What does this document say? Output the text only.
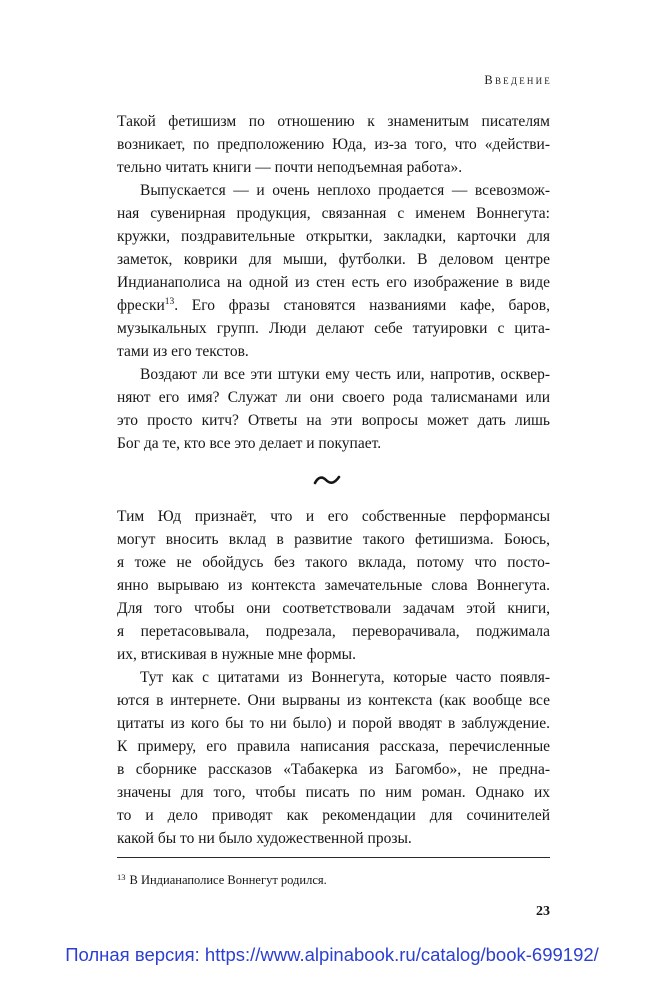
Введение
Такой фетишизм по отношению к знаменитым писателям
возникает, по предположению Юда, из-за того, что «действи-
тельно читать книги — почти неподъемная работа».
Выпускается — и очень неплохо продается — всевозмож-
ная сувенирная продукция, связанная с именем Воннегута:
кружки, поздравительные открытки, закладки, карточки для
заметок, коврики для мыши, футболки. В деловом центре
Индианаполиса на одной из стен есть его изображение в виде
фрески$^{13}$. Его фразы становятся названиями кафе, баров,
музыкальных групп. Люди делают себе татуировки с цита-
тами из его текстов.
Воздают ли все эти штуки ему честь или, напротив, осквер-
няют его имя? Служат ли они своего рода талисманами или
это просто китч? Ответы на эти вопросы может дать лишь
Бог да те, кто все это делает и покупает.
Тим Юд признаёт, что и его собственные перформансы
могут вносить вклад в развитие такого фетишизма. Боюсь,
я тоже не обойдусь без такого вклада, потому что посто-
янно вырываю из контекста замечательные слова Воннегута.
Для того чтобы они соответствовали задачам этой книги,
я перетасовывала, подрезала, переворачивала, поджимала
их, втискивая в нужные мне формы.
Тут как с цитатами из Воннегута, которые часто появля-
ются в интернете. Они вырваны из контекста (как вообще все
цитаты из кого бы то ни было) и порой вводят в заблуждение.
К примеру, его правила написания рассказа, перечисленные
в сборнике рассказов «Табакерка из Багомбо», не предна-
значены для того, чтобы писать по ним роман. Однако их
то и дело приводят как рекомендации для сочинителей
какой бы то ни было художественной прозы.
$^{13}$ В Индианаполисе Воннегут родился.
23
Полная версия: https://www.alpinabook.ru/catalog/book-699192/
